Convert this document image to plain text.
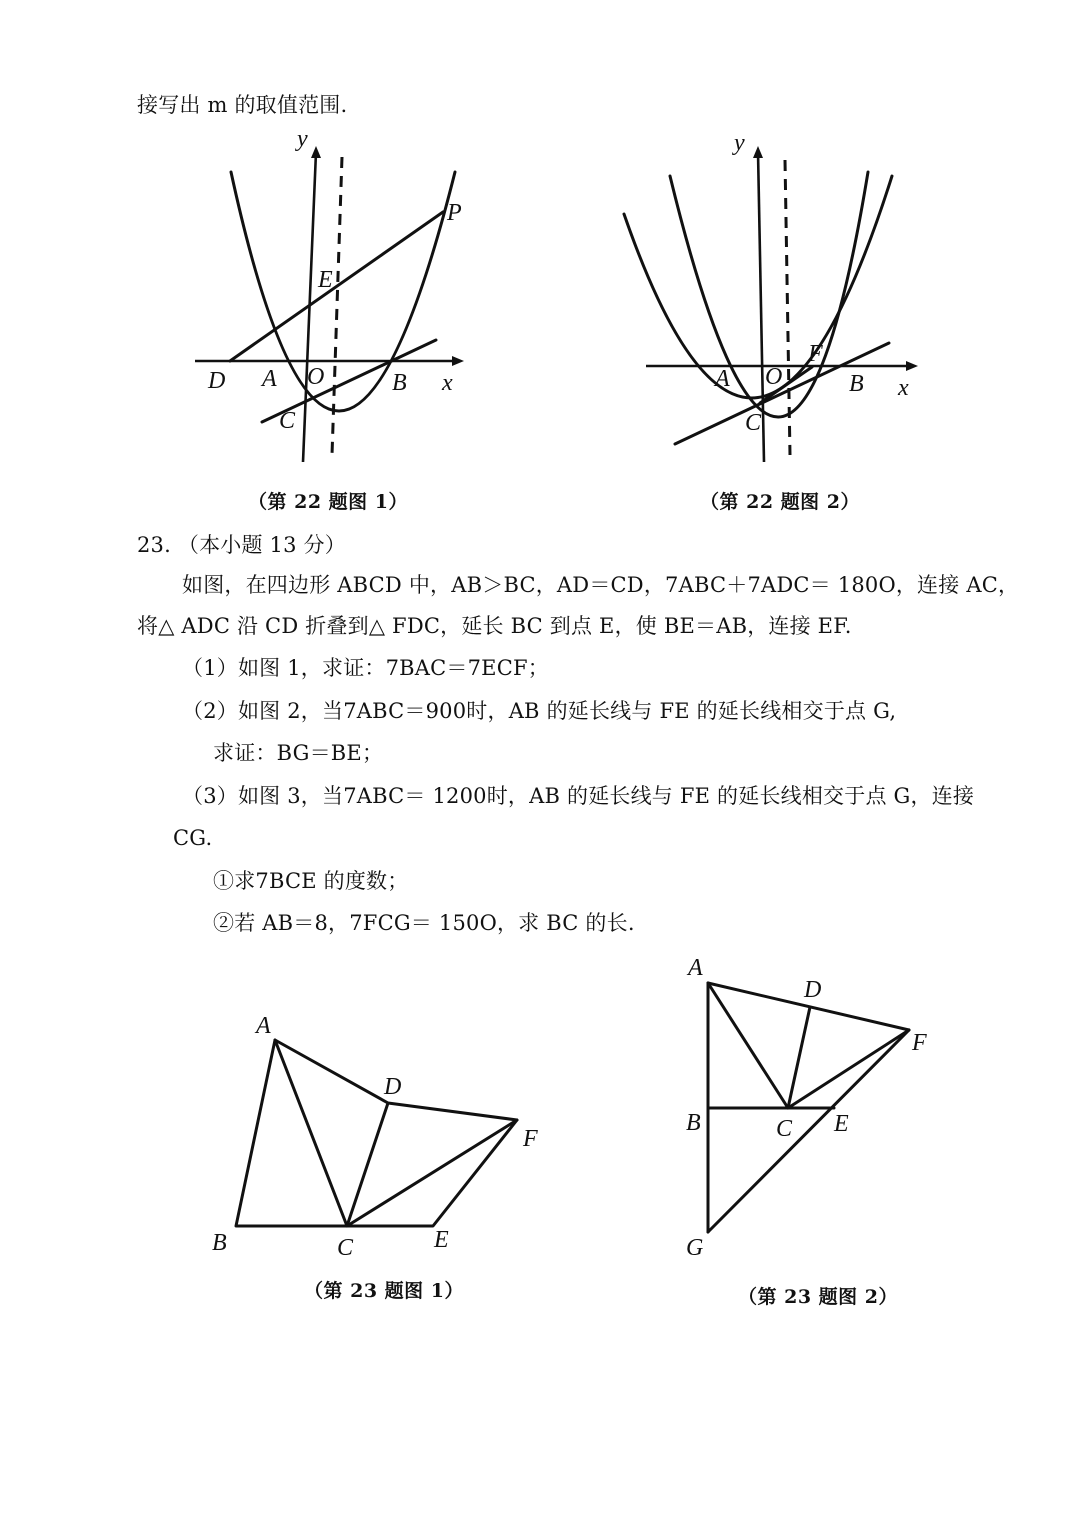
接写出 m 的取值范围.
y
P
E
D A O	B x
C
（第 22 题图 1）
y
F
A O	B x
C
（第 22 题图 2）
23. （本小题 13 分）
如图，在四边形 ABCD 中，AB＞BC，AD＝CD，7ABC＋7ADC＝ 180O，连接 AC，
将△ ADC 沿 CD 折叠到△ FDC，延长 BC 到点 E，使 BE＝AB，连接 EF.
（1）如图 1，求证：7BAC＝7ECF；
（2）如图 2，当7ABC＝900时，AB 的延长线与 FE 的延长线相交于点 G,
求证：BG＝BE；
（3）如图 3，当7ABC＝ 1200时，AB 的延长线与 FE 的延长线相交于点 G，连接
CG.
①求7BCE 的度数；
②若 AB＝8，7FCG＝ 150O，求 BC 的长.
A
D
F
B	C	E
（第 23 题图 1）
A
D
F
B	C E
G
（第 23 题图 2）
